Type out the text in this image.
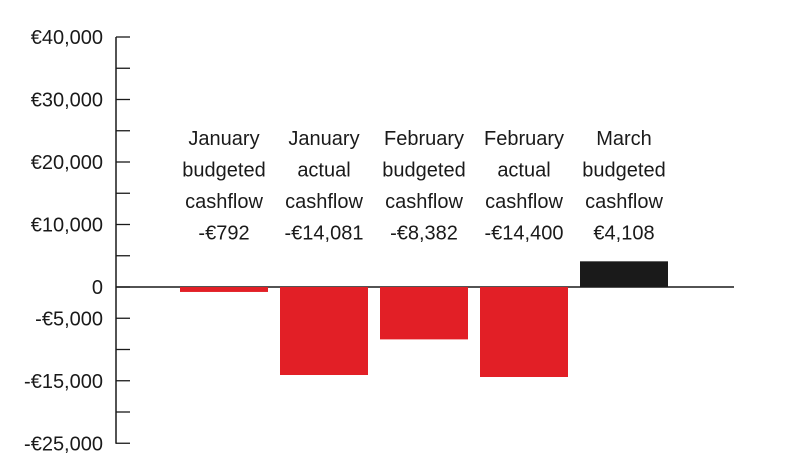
January
budgeted
cashflow
-€792
January
actual
cashflow
-€14,081
February
budgeted
cashflow
-€8,382
February
actual
cashflow
-€14,400
March
budgeted
cashflow
€4,108
€40,000
€30,000
€20,000
€10,000
0
-€5,000
-€15,000
-€25,000
